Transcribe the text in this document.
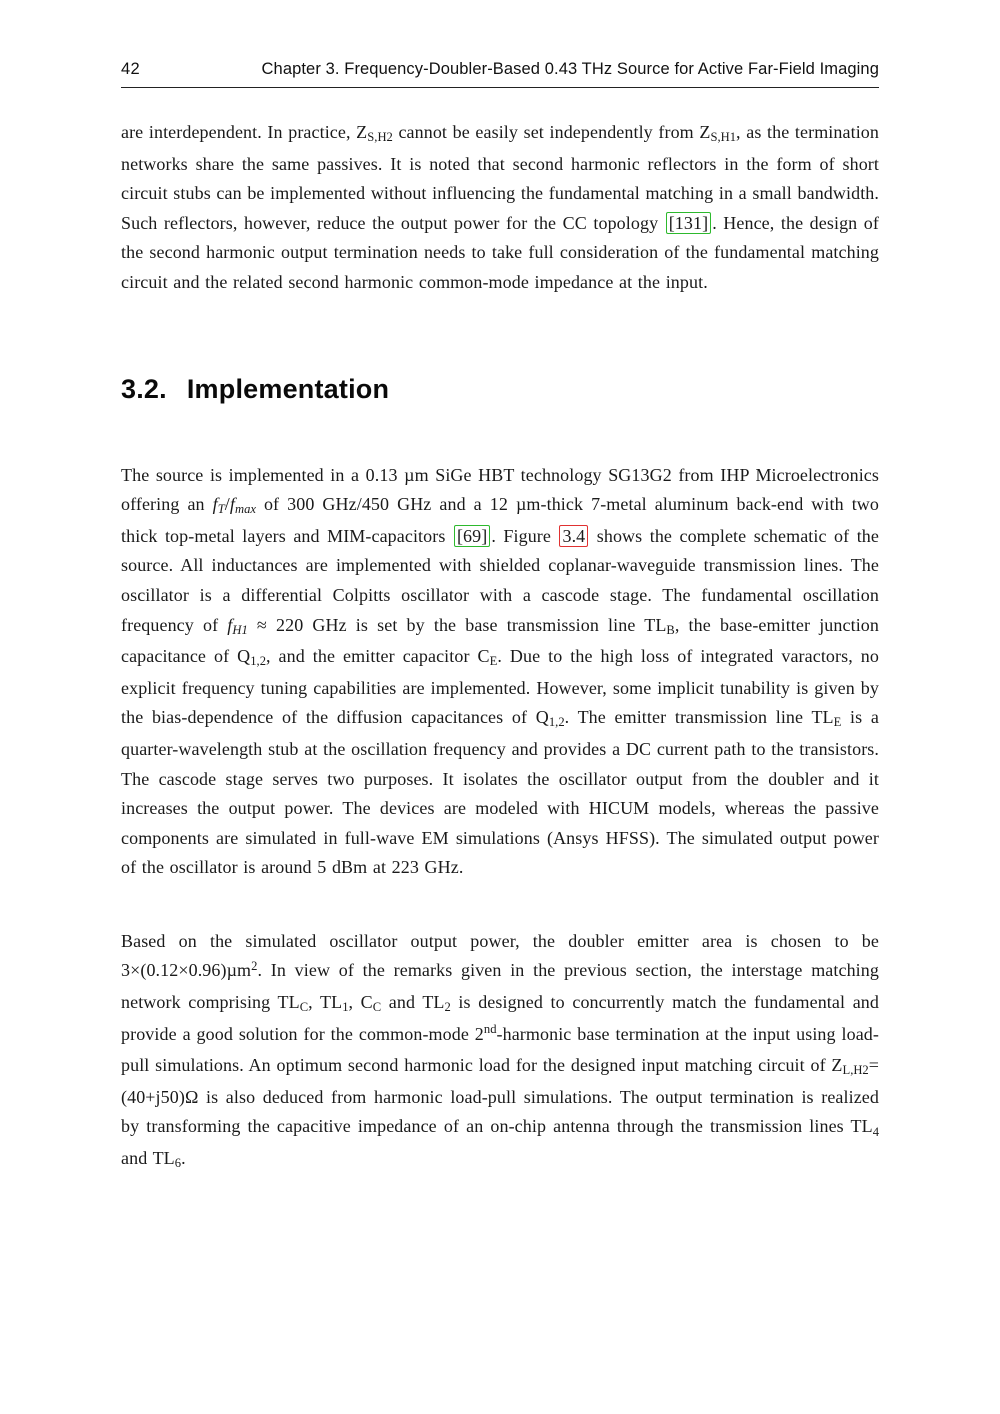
42	Chapter 3. Frequency-Doubler-Based 0.43 THz Source for Active Far-Field Imaging

are interdependent. In practice, ZS,H2 cannot be easily set independently from ZS,H1, as the termination networks share the same passives. It is noted that second harmonic reflectors in the form of short circuit stubs can be implemented without influencing the fundamental matching in a small bandwidth. Such reflectors, however, reduce the output power for the CC topology [131] . Hence, the design of the second harmonic output termination needs to take full consideration of the fundamental matching circuit and the related second harmonic common-mode impedance at the input.

3.2. Implementation

The source is implemented in a 0.13 µm SiGe HBT technology SG13G2 from IHP Microelectronics offering an fT/fmax of 300 GHz/450 GHz and a 12 µm-thick 7-metal aluminum back-end with two thick top-metal layers and MIM-capacitors [69] . Figure 3.4 shows the complete schematic of the source. All inductances are implemented with shielded coplanar-waveguide transmission lines. The oscillator is a differential Colpitts oscillator with a cascode stage. The fundamental oscillation frequency of fH1 ≈ 220 GHz is set by the base transmission line TLB, the base-emitter junction capacitance of Q1,2, and the emitter capacitor CE. Due to the high loss of integrated varactors, no explicit frequency tuning capabilities are implemented. However, some implicit tunability is given by the bias-dependence of the diffusion capacitances of Q1,2. The emitter transmission line TLE is a quarter-wavelength stub at the oscillation frequency and provides a DC current path to the transistors. The cascode stage serves two purposes. It isolates the oscillator output from the doubler and it increases the output power. The devices are modeled with HICUM models, whereas the passive components are simulated in full-wave EM simulations (Ansys HFSS). The simulated output power of the oscillator is around 5 dBm at 223 GHz.

Based on the simulated oscillator output power, the doubler emitter area is chosen to be 3×(0.12×0.96)µm$^2$. In view of the remarks given in the previous section, the interstage matching network comprising TLC, TL1, CC and TL2 is designed to concurrently match the fundamental and provide a good solution for the common-mode 2nd-harmonic base termination at the input using load-pull simulations. An optimum second harmonic load for the designed input matching circuit of ZL,H2=(40+j50)Ω is also deduced from harmonic load-pull simulations. The output termination is realized by transforming the capacitive impedance of an on-chip antenna through the transmission lines TL4 and TL6.
